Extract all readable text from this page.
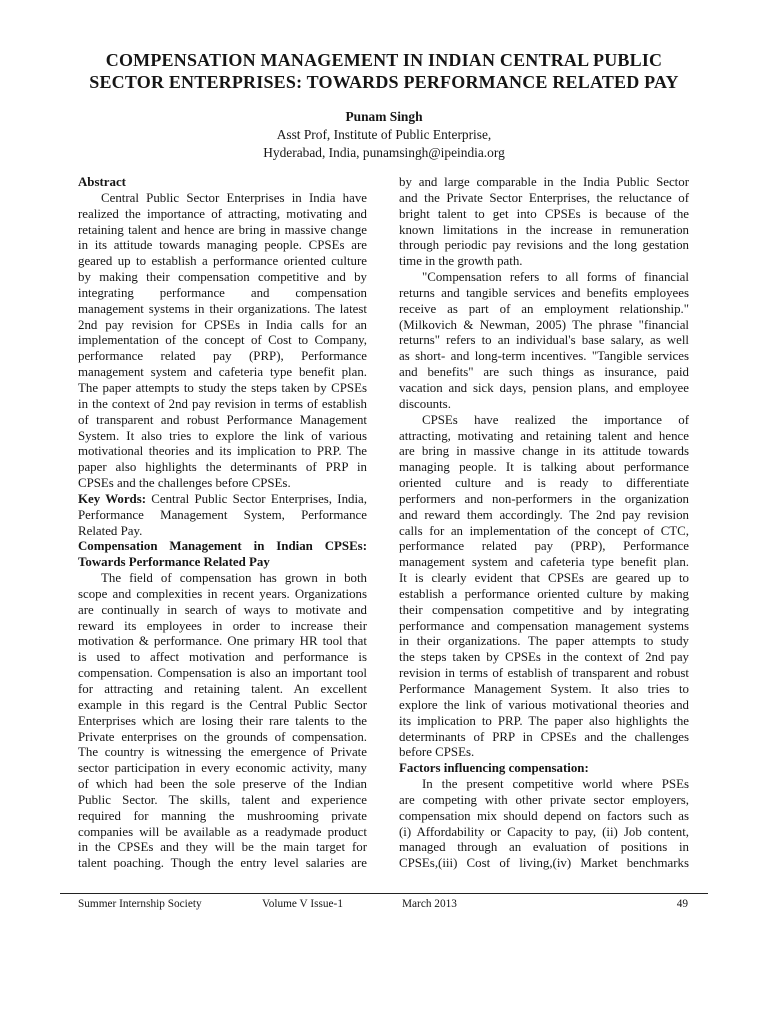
COMPENSATION MANAGEMENT IN INDIAN CENTRAL PUBLIC
SECTOR ENTERPRISES: TOWARDS PERFORMANCE RELATED PAY
Punam Singh
Asst Prof, Institute of Public Enterprise,
Hyderabad, India, punamsingh@ipeindia.org
Abstract
Central Public Sector Enterprises in India have
realized the importance of attracting, motivating and
retaining talent and hence are bring in massive change
in its attitude towards managing people. CPSEs are
geared up to establish a performance oriented culture
by making their compensation competitive and by
integrating performance and compensation
management systems in their organizations. The latest
2nd pay revision for CPSEs in India calls for an
implementation of the concept of Cost to Company,
performance related pay (PRP), Performance
management system and cafeteria type benefit plan.
The paper attempts to study the steps taken by CPSEs
in the context of 2nd pay revision in terms of establish
of transparent and robust Performance Management
System. It also tries to explore the link of various
motivational theories and its implication to PRP. The
paper also highlights the determinants of PRP in
CPSEs and the challenges before CPSEs.
Key Words: Central Public Sector Enterprises, India,
Performance Management System, Performance
Related Pay.
Compensation Management in Indian CPSEs:
Towards Performance Related Pay
The field of compensation has grown in both
scope and complexities in recent years. Organizations
are continually in search of ways to motivate and
reward its employees in order to increase their
motivation & performance. One primary HR tool that
is used to affect motivation and performance is
compensation. Compensation is also an important tool
for attracting and retaining talent. An excellent
example in this regard is the Central Public Sector
Enterprises which are losing their rare talents to the
Private enterprises on the grounds of compensation.
The country is witnessing the emergence of Private
sector participation in every economic activity, many
of which had been the sole preserve of the Indian
Public Sector. The skills, talent and experience
required for manning the mushrooming private
companies will be available as a readymade product
in the CPSEs and they will be the main target for
talent poaching. Though the entry level salaries are
by and large comparable in the India Public Sector
and the Private Sector Enterprises, the reluctance of
bright talent to get into CPSEs is because of the
known limitations in the increase in remuneration
through periodic pay revisions and the long gestation
time in the growth path.
"Compensation refers to all forms of financial
returns and tangible services and benefits employees
receive as part of an employment relationship."
(Milkovich & Newman, 2005) The phrase "financial
returns" refers to an individual's base salary, as well
as short- and long-term incentives. "Tangible services
and benefits" are such things as insurance, paid
vacation and sick days, pension plans, and employee
discounts.
CPSEs have realized the importance of
attracting, motivating and retaining talent and hence
are bring in massive change in its attitude towards
managing people. It is talking about performance
oriented culture and is ready to differentiate
performers and non-performers in the organization
and reward them accordingly. The 2nd pay revision
calls for an implementation of the concept of CTC,
performance related pay (PRP), Performance
management system and cafeteria type benefit plan.
It is clearly evident that CPSEs are geared up to
establish a performance oriented culture by making
their compensation competitive and by integrating
performance and compensation management systems
in their organizations. The paper attempts to study
the steps taken by CPSEs in the context of 2nd pay
revision in terms of establish of transparent and robust
Performance Management System. It also tries to
explore the link of various motivational theories and
its implication to PRP. The paper also highlights the
determinants of PRP in CPSEs and the challenges
before CPSEs.
Factors influencing compensation:
In the present competitive world where PSEs
are competing with other private sector employers,
compensation mix should depend on factors such as
(i) Affordability or Capacity to pay, (ii) Job content,
managed through an evaluation of positions in
CPSEs,(iii) Cost of living,(iv) Market benchmarks
Summer Internship Society	Volume V Issue-1	March 2013	49
